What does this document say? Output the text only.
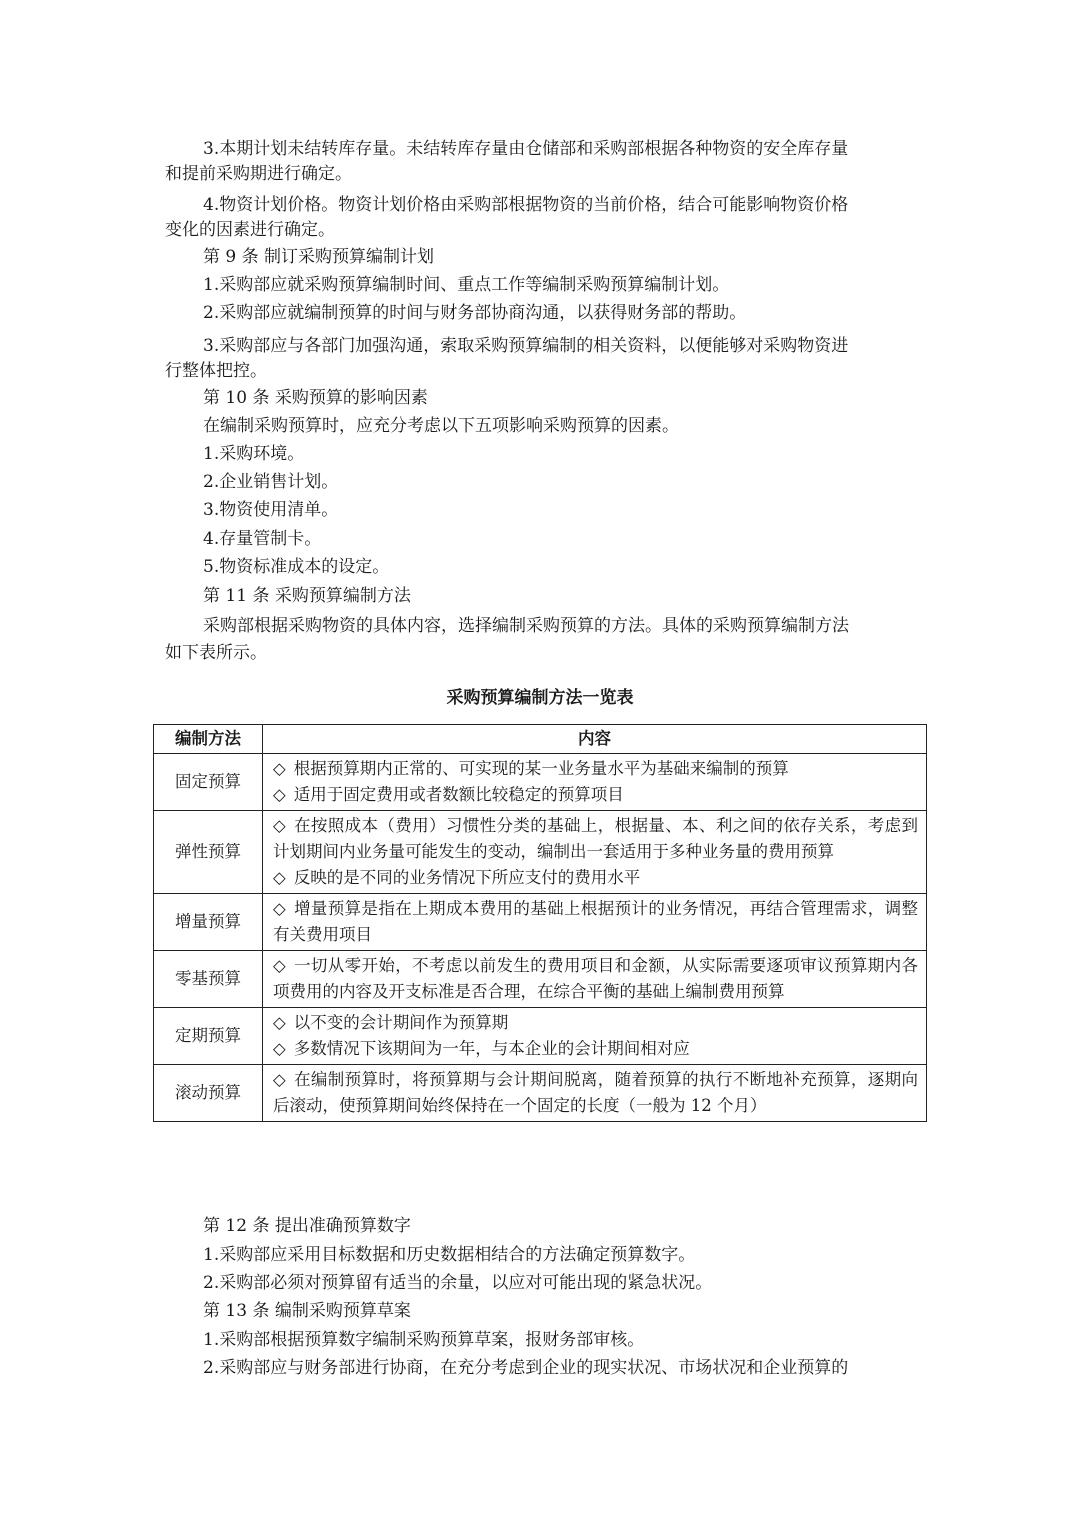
3.本期计划未结转库存量。未结转库存量由仓储部和采购部根据各种物资的安全库存量
和提前采购期进行确定。
4.物资计划价格。物资计划价格由采购部根据物资的当前价格，结合可能影响物资价格
变化的因素进行确定。
第 9 条 制订采购预算编制计划
1.采购部应就采购预算编制时间、重点工作等编制采购预算编制计划。
2.采购部应就编制预算的时间与财务部协商沟通，以获得财务部的帮助。
3.采购部应与各部门加强沟通，索取采购预算编制的相关资料，以便能够对采购物资进
行整体把控。
第 10 条 采购预算的影响因素
在编制采购预算时，应充分考虑以下五项影响采购预算的因素。
1.采购环境。
2.企业销售计划。
3.物资使用清单。
4.存量管制卡。
5.物资标准成本的设定。
第 11 条 采购预算编制方法
采购部根据采购物资的具体内容，选择编制采购预算的方法。具体的采购预算编制方法
如下表所示。
采购预算编制方法一览表
编制方法	内容
固定预算	◇ 根据预算期内正常的、可实现的某一业务量水平为基础来编制的预算
◇ 适用于固定费用或者数额比较稳定的预算项目

弹性预算	◇ 在按照成本（费用）习惯性分类的基础上，根据量、本、利之间的依存关系，考虑到计划期间内业务量可能发生的变动，编制出一套适用于多种业务量的费用预算
◇ 反映的是不同的业务情况下所应支付的费用水平

增量预算	◇ 增量预算是指在上期成本费用的基础上根据预计的业务情况，再结合管理需求，调整有关费用项目

零基预算	◇ 一切从零开始，不考虑以前发生的费用项目和金额，从实际需要逐项审议预算期内各项费用的内容及开支标准是否合理，在综合平衡的基础上编制费用预算

定期预算	◇ 以不变的会计期间作为预算期
◇ 多数情况下该期间为一年，与本企业的会计期间相对应

滚动预算	◇ 在编制预算时，将预算期与会计期间脱离，随着预算的执行不断地补充预算，逐期向后滚动，使预算期间始终保持在一个固定的长度（一般为 12 个月）
第 12 条 提出准确预算数字
1.采购部应采用目标数据和历史数据相结合的方法确定预算数字。
2.采购部必须对预算留有适当的余量，以应对可能出现的紧急状况。
第 13 条 编制采购预算草案
1.采购部根据预算数字编制采购预算草案，报财务部审核。
2.采购部应与财务部进行协商，在充分考虑到企业的现实状况、市场状况和企业预算的
